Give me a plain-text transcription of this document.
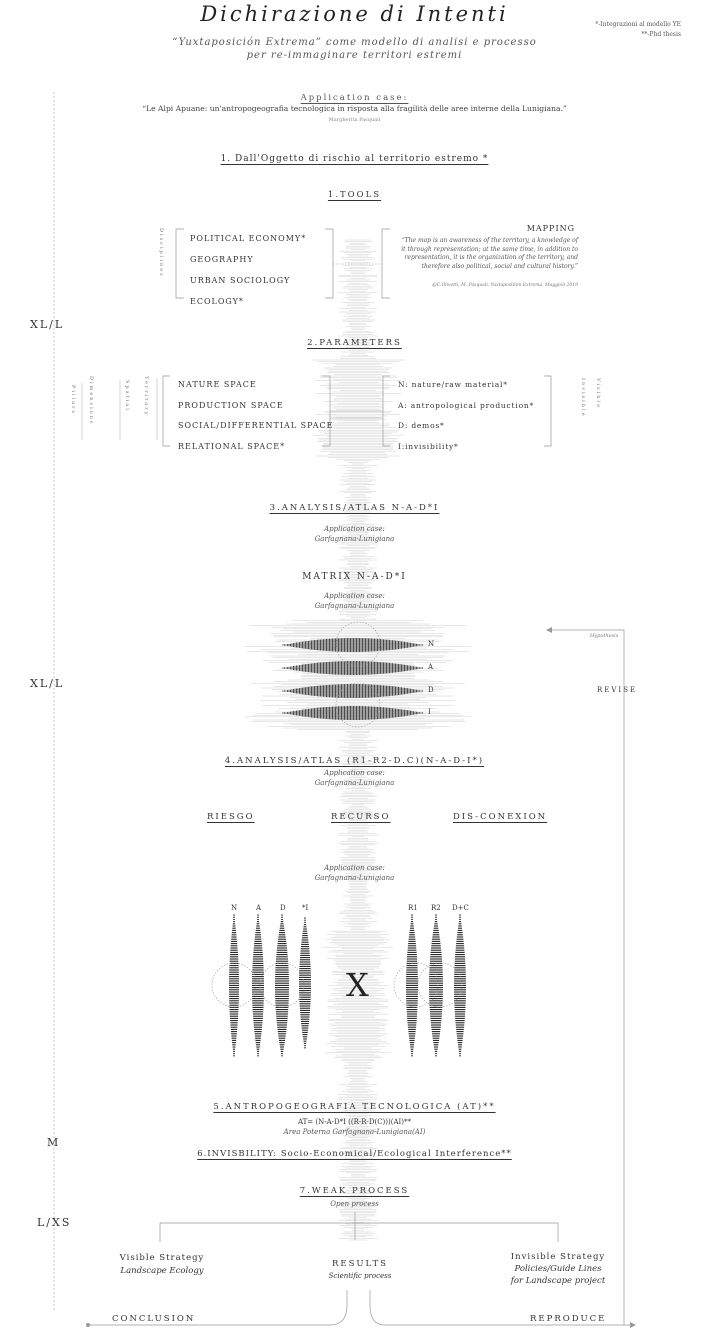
Dichirazione di Intenti
“Yuxtaposición Extrema” come modello di analisi e processo
per re-immaginare territori estremi
*-Integrazioni al modello YE
**-Phd thesis
Application case:
“Le Alpi Apuane: un'antropogeografia tecnologica in risposta alla fragilità delle aree interne della Lunigiana.”
Margherita Pasquali
1. Dall'Oggetto di rischio al territorio estremo *
1.TOOLS
Disciplines	POLITICAL ECONOMY*
GEOGRAPHY
URBAN SOCIOLOGY
ECOLOGY*
MAPPING
“The map is an awareness of the territory, a knowledge of it through representation; at the same time, in addition to representation, it is the organization of the territory, and therefore also political, social and cultural history.”
@C.Olivetti, M. Pasquali, Yuxtaposition Extrema, Maggioli 2019
XL/L
XL/L
M
L/XS
2.PARAMETERS
Pillars Dimensions	Spatial	Territory	NATURE SPACE
PRODUCTION SPACE
SOCIAL/DIFFERENTIAL SPACE
RELATIONAL SPACE*
N: nature/raw material*
A: antropological production*
D: demos*
I:invisibility*
Invisible Visible
3.ANALYSIS/ATLAS N-A-D*I
Application case:
Garfagnana-Lunigiana
MATRIX N-A-D*I
Application case:
Garfagnana-Lunigiana
N
A
D
I
Hypothesis
REVISE
4.ANALYSIS/ATLAS (R1-R2-D.C)(N-A-D-I*)
Application case:
Garfagnana-Lunigiana
RIESGO	RECURSO	DIS-CONEXION
Application case:
Garfagnana-Lunigiana
N	A	D *I
X
R1 R2 D+C
5.ANTROPOGEOGRAFIA TECNOLOGICA (AT)**
AT= (N-A-D*I ((R-R-D(C)))(AI)**
Area Poterna Garfagnana-Lunigiana(AI)
6.INVISBILITY: Socio-Economical/Ecological Interference**
7.WEAK PROCESS
Open process
Visible Strategy
Landscape Ecology
RESULTS
Scientific process
Invisible Strategy
Policies/Guide Lines
for Landscape project
CONCLUSION	REPRODUCE
